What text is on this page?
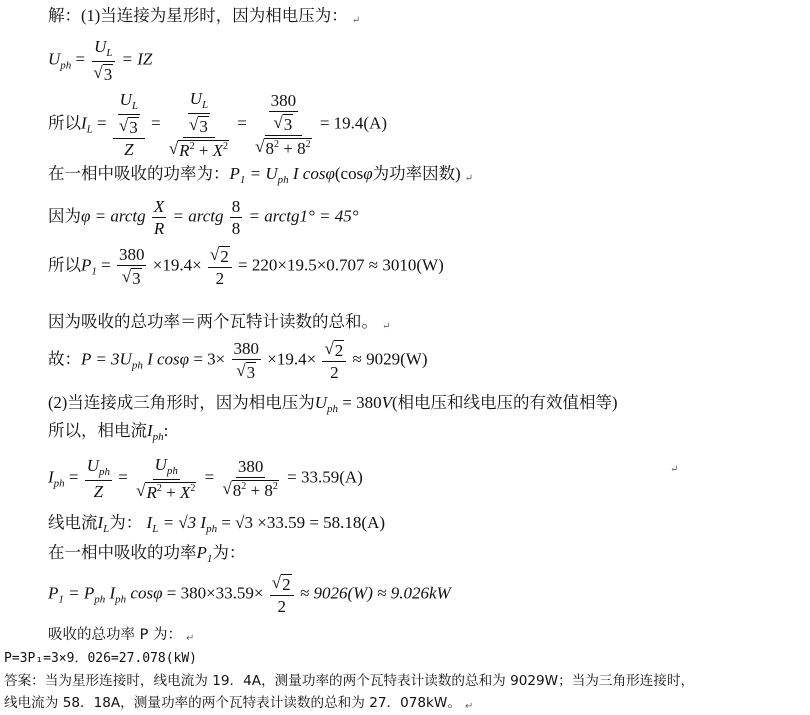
解：(1)当连接为星形时，因为相电压为： ↵
$U_{ph} = \frac{U_L}{√ 3}$ = IZ
所以$I_L = \frac{\frac{U_L}{√ 3}}{Z} = \frac{\frac{U_L}{√ 3}}{√ R^2 + X^2} = \frac{\frac{380}{√ 3}}{√ 8^2 + 8^2} = 19.4(A)$
在一相中吸收的功率为：$P_1 = U_{ph}$ I cosφ(cosφ为功率因数) ↵
因为φ = arctg $\frac{X}{R}$ = arctg $\frac{8}{8}$ = arctg1° = 45°
所以$P_1 = \frac{380}{√ 3} \times 19.4\times \frac{√ 2}{2} = 220\times 19.5\times 0.707 \approx 3010(W)$
因为吸收的总功率＝两个瓦特计读数的总和。 ↵
故：$P = 3U_{ph}$ I $\cos\varphi = 3\times \frac{380}{√ 3} \times 19.4\times \frac{√ 2}{2} \approx 9029(W)$
(2)当连接成三角形时，因为相电压为$U_{ph} = 380V$(相电压和线电压的有效值相等)
所以，相电流$I_{ph}$:
$I_{ph} = \frac{U_{ph}}{Z} = \frac{U_{ph}}{√ R^2 + X^2} = \frac{380}{√ 8^2 + 8^2} = 33.59(A)$	↵
线电流$I_L$为： $I_L = √3$ $I_{ph} = √3 \times 33.59 = 58.18(A)$
在一相中吸收的功率$P_1$为：
$P_1 = P_{ph}$ $I_{ph}$ $\cos\varphi = 380\times 33.59\times \frac{√ 2}{2} \approx 9026(W) \approx 9.026kW$
吸收的总功率 P 为： ↵
P=3P₁=3×9．026=27.078(kW)
答案：当为星形连接时，线电流为 19．4A，测量功率的两个瓦特表计读数的总和为 9029W；当为三角形连接时，
线电流为 58．18A，测量功率的两个瓦特表计读数的总和为 27．078kW。 ↵
